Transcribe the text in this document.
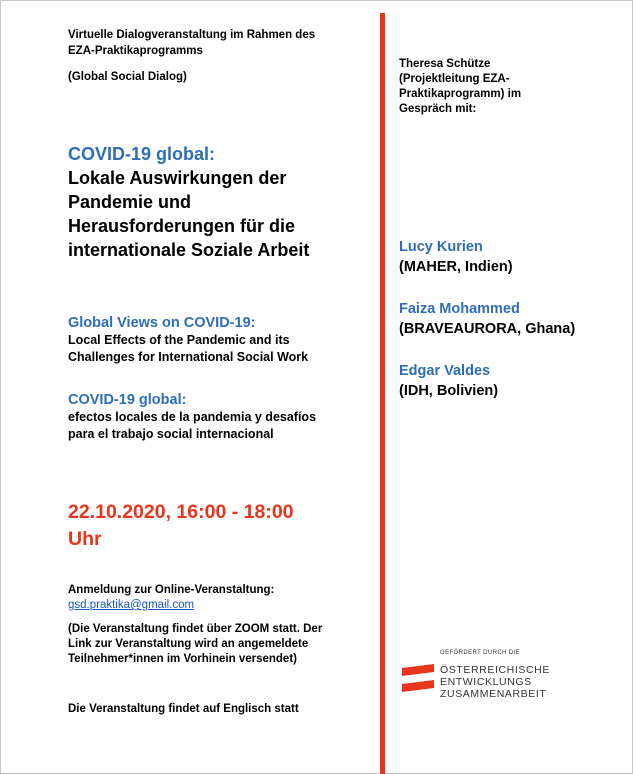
Virtuelle Dialogveranstaltung im Rahmen des
EZA-Praktikaprogramms
(Global Social Dialog)
COVID-19 global:
Lokale Auswirkungen der
Pandemie und
Herausforderungen für die
internationale Soziale Arbeit
Global Views on COVID-19:
Local Effects of the Pandemic and its
Challenges for International Social Work
COVID-19 global:
efectos locales de la pandemia y desafíos
para el trabajo social internacional
22.10.2020, 16:00 - 18:00
Uhr
Anmeldung zur Online-Veranstaltung:
gsd.praktika@gmail.com
(Die Veranstaltung findet über ZOOM statt. Der
Link zur Veranstaltung wird an angemeldete
Teilnehmer*innen im Vorhinein versendet)
Die Veranstaltung findet auf Englisch statt
Theresa Schütze
(Projektleitung EZA-
Praktikaprogramm) im
Gespräch mit:
Lucy Kurien
(MAHER, Indien)
Faiza Mohammed
(BRAVEAURORA, Ghana)
Edgar Valdes
(IDH, Bolivien)
GEFÖRDERT DURCH DIE
ÖSTERREICHISCHE
ENTWICKLUNGS
ZUSAMMENARBEIT
